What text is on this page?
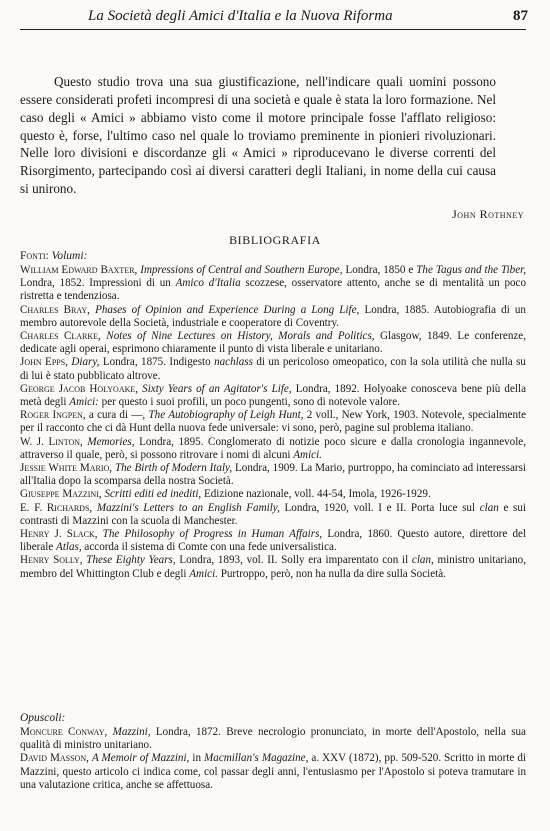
La Società degli Amici d'Italia e la Nuova Riforma	87

Questo studio trova una sua giustificazione, nell'indicare quali uomini possono essere considerati profeti incompresi di una società e quale è stata la loro formazione. Nel caso degli « Amici » abbiamo visto come il motore principale fosse l'afflato religioso: questo è, forse, l'ultimo caso nel quale lo troviamo preminente in pionieri rivoluzionari. Nelle loro divisioni e discordanze gli « Amici » riproducevano le diverse correnti del Risorgimento, partecipando così ai diversi caratteri degli Italiani, in nome della cui causa si unirono.

John Rothney
BIBLIOGRAFIA
Fonti: Volumi:

William Edward Baxter, Impressions of Central and Southern Europe, Londra, 1850 e The Tagus and the Tiber, Londra, 1852. Impressioni di un Amico d'Italia scozzese, osservatore attento, anche se di mentalità un poco ristretta e tendenziosa.

Charles Bray, Phases of Opinion and Experience During a Long Life, Londra, 1885. Autobiografia di un membro autorevole della Società, industriale e cooperatore di Coventry.

Charles Clarke, Notes of Nine Lectures on History, Morals and Politics, Glasgow, 1849. Le conferenze, dedicate agli operai, esprimono chiaramente il punto di vista liberale e unitariano.

John Epps, Diary, Londra, 1875. Indigesto nachlass di un pericoloso omeopatico, con la sola utilità che nulla su di lui è stato pubblicato altrove.

George Jacob Holyoake, Sixty Years of an Agitator's Life, Londra, 1892. Holyoake conosceva bene più della metà degli Amici: per questo i suoi profili, un poco pungenti, sono di notevole valore.

Roger Ingpen, a cura di —, The Autobiography of Leigh Hunt, 2 voll., New York, 1903. Notevole, specialmente per il racconto che ci dà Hunt della nuova fede universale: vi sono, però, pagine sul problema italiano.

W. J. Linton, Memories, Londra, 1895. Conglomerato di notizie poco sicure e dalla cronologia ingannevole, attraverso il quale, però, si possono ritrovare i nomi di alcuni Amici.

Jessie White Mario, The Birth of Modern Italy, Londra, 1909. La Mario, purtroppo, ha cominciato ad interessarsi all'Italia dopo la scomparsa della nostra Società.

Giuseppe Mazzini, Scritti editi ed inediti, Edizione nazionale, voll. 44-54, Imola, 1926-1929.

E. F. Richards, Mazzini's Letters to an English Family, Londra, 1920, voll. I e II. Porta luce sul clan e sui contrasti di Mazzini con la scuola di Manchester.

Henry J. Slack, The Philosophy of Progress in Human Affairs, Londra, 1860. Questo autore, direttore del liberale Atlas, accorda il sistema di Comte con una fede universalistica.

Henry Solly, These Eighty Years, Londra, 1893, vol. II. Solly era imparentato con il clan, ministro unitariano, membro del Whittington Club e degli Amici. Purtroppo, però, non ha nulla da dire sulla Società.

Opuscoli:

Moncure Conway, Mazzini, Londra, 1872. Breve necrologio pronunciato, in morte dell'Apostolo, nella sua qualità di ministro unitariano.

David Masson, A Memoir of Mazzini, in Macmillan's Magazine, a. XXV (1872), pp. 509-520. Scritto in morte di Mazzini, questo articolo ci indica come, col passar degli anni, l'entusiasmo per l'Apostolo si poteva tramutare in una valutazione critica, anche se affettuosa.
